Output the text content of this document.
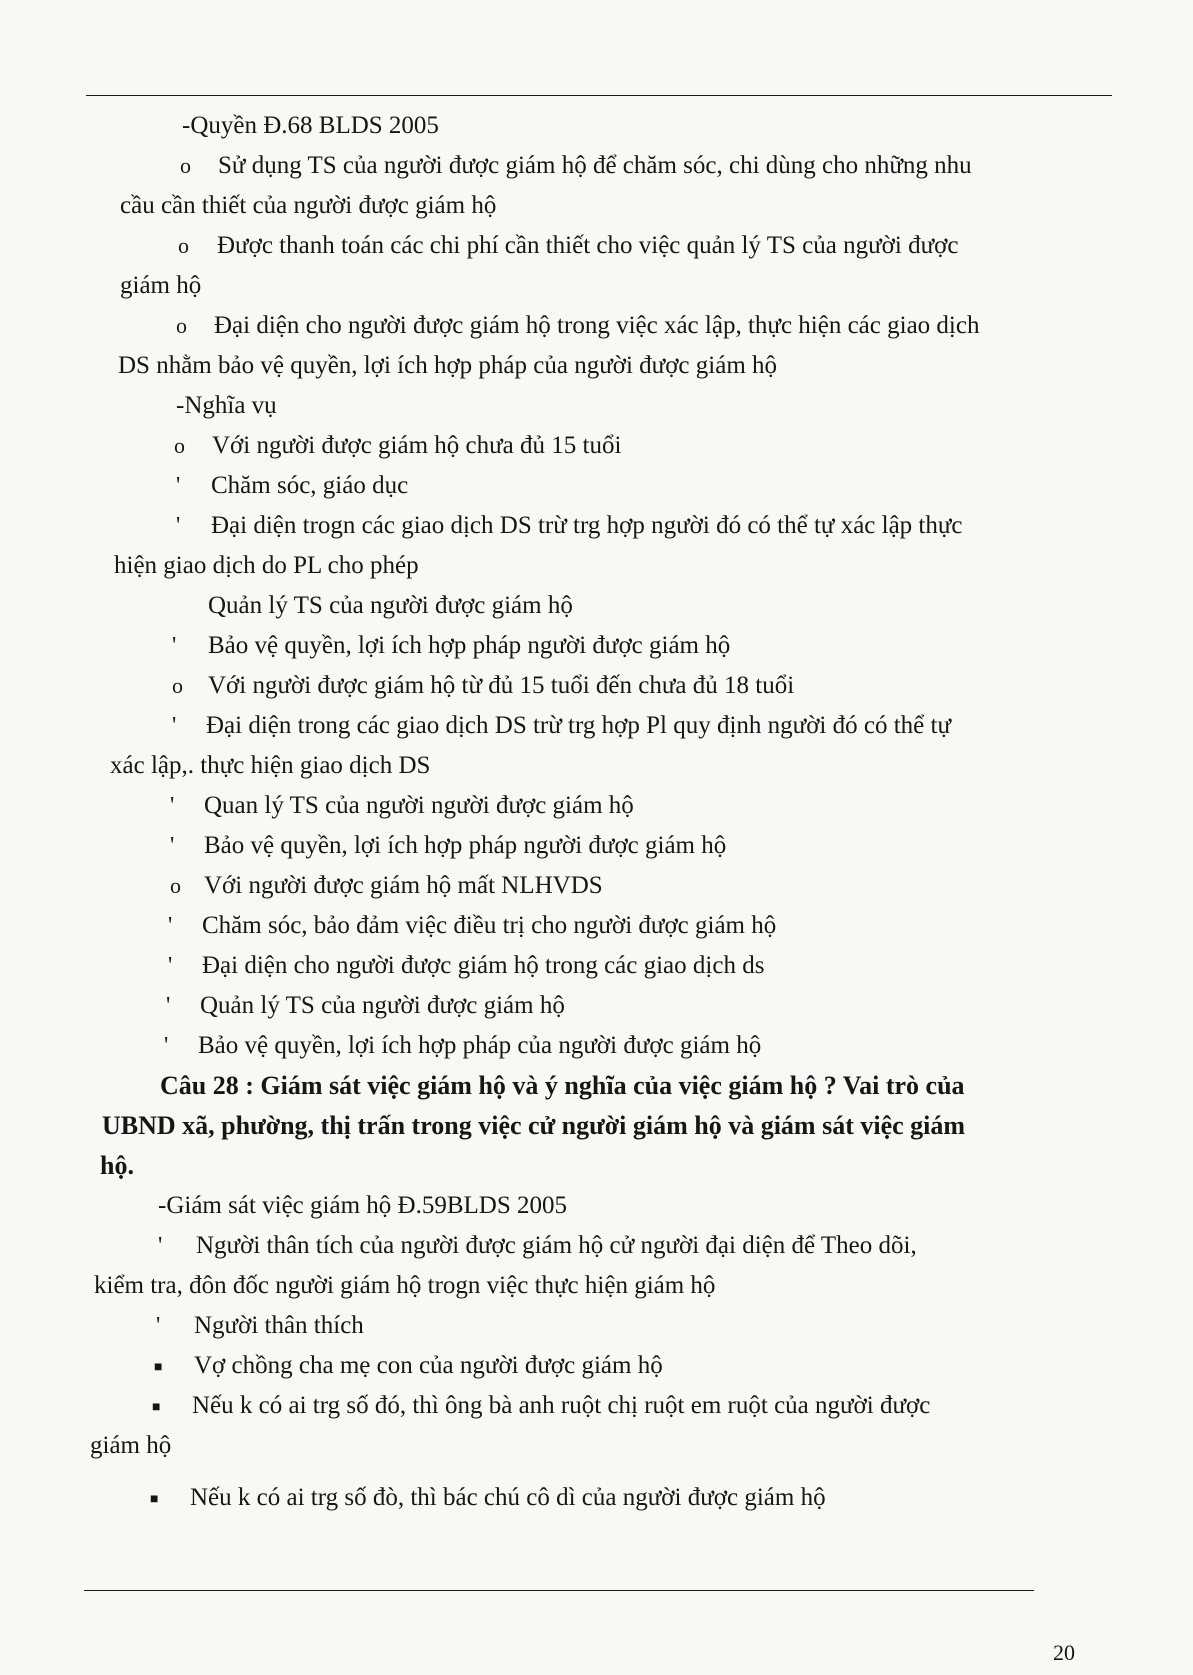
-Quyền Đ.68 BLDS 2005
o Sử dụng TS của người được giám hộ để chăm sóc, chi dùng cho những nhu
cầu cần thiết của người được giám hộ
o Được thanh toán các chi phí cần thiết cho việc quản lý TS của người được
giám hộ
o Đại diện cho người được giám hộ trong việc xác lập, thực hiện các giao dịch
DS nhằm bảo vệ quyền, lợi ích hợp pháp của người được giám hộ
-Nghĩa vụ
o Với người được giám hộ chưa đủ 15 tuổi
' Chăm sóc, giáo dục
' Đại diện trogn các giao dịch DS trừ trg hợp người đó có thể tự xác lập thực
hiện giao dịch do PL cho phép
Quản lý TS của người được giám hộ
' Bảo vệ quyền, lợi ích hợp pháp người được giám hộ
o Với người được giám hộ từ đủ 15 tuổi đến chưa đủ 18 tuổi
' Đại diện trong các giao dịch DS trừ trg hợp Pl quy định người đó có thể tự
xác lập,. thực hiện giao dịch DS
' Quan lý TS của người người được giám hộ
' Bảo vệ quyền, lợi ích hợp pháp người được giám hộ
o Với người được giám hộ mất NLHVDS
' Chăm sóc, bảo đảm việc điều trị cho người được giám hộ
' Đại diện cho người được giám hộ trong các giao dịch ds
' Quản lý TS của người được giám hộ
' Bảo vệ quyền, lợi ích hợp pháp của người được giám hộ
Câu 28 : Giám sát việc giám hộ và ý nghĩa của việc giám hộ ? Vai trò của
UBND xã, phường, thị trấn trong việc cử người giám hộ và giám sát việc giám
hộ.
-Giám sát việc giám hộ Đ.59BLDS 2005
' Người thân tích của người được giám hộ cử người đại diện để Theo dõi,
kiểm tra, đôn đốc người giám hộ trogn việc thực hiện giám hộ
' Người thân thích
■ Vợ chồng cha mẹ con của người được giám hộ
■ Nếu k có ai trg số đó, thì ông bà anh ruột chị ruột em ruột của người được
giám hộ
■ Nếu k có ai trg số đò, thì bác chú cô dì của người được giám hộ
20
